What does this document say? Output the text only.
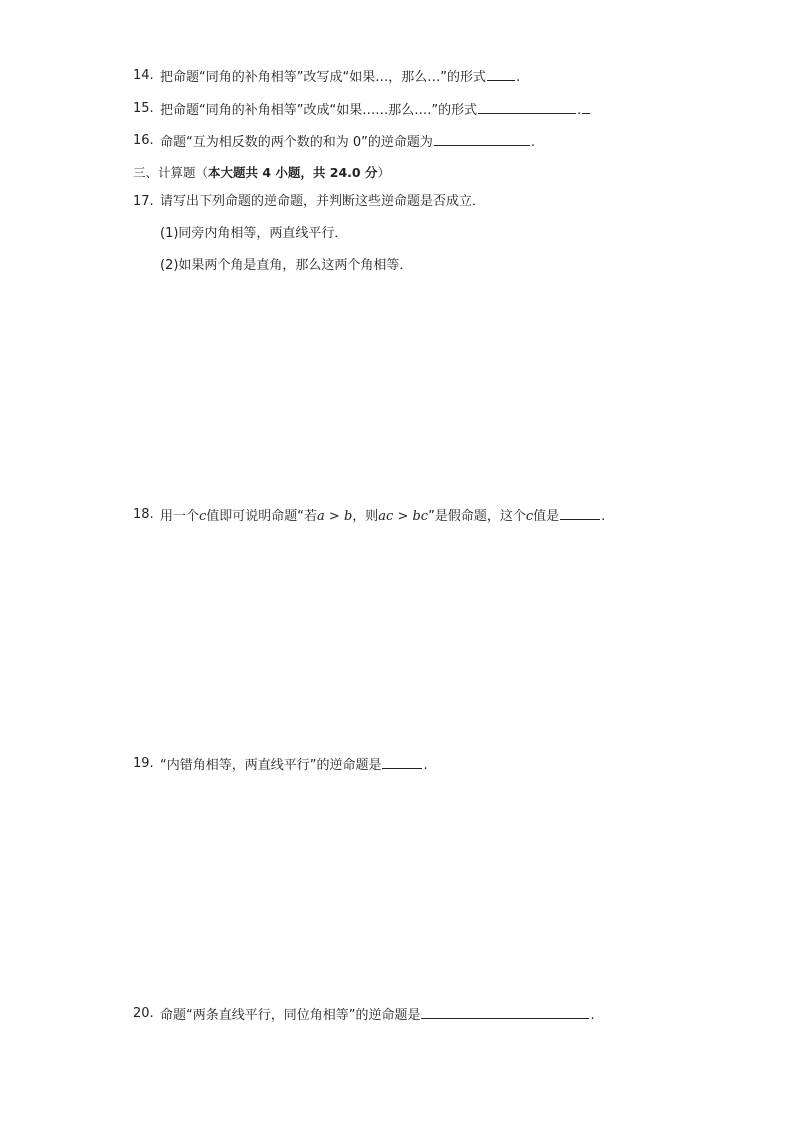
14. 把命题“同角的补角相等”改写成“如果…，那么…”的形式 .
15. 把命题“同角的补角相等”改成“如果……那么….”的形式	.
16. 命题“互为相反数的两个数的和为 0”的逆命题为	.
三、计算题（本大题共 4 小题，共 24.0 分）
17. 请写出下列命题的逆命题，并判断这些逆命题是否成立．
(1)同旁内角相等，两直线平行．
(2)如果两个角是直角，那么这两个角相等．
18. 用一个c值即可说明命题“若a > b，则ac > bc”是假命题，这个c值是	.
19. “内错角相等，两直线平行”的逆命题是	.
20. 命题“两条直线平行，同位角相等”的逆命题是	.
